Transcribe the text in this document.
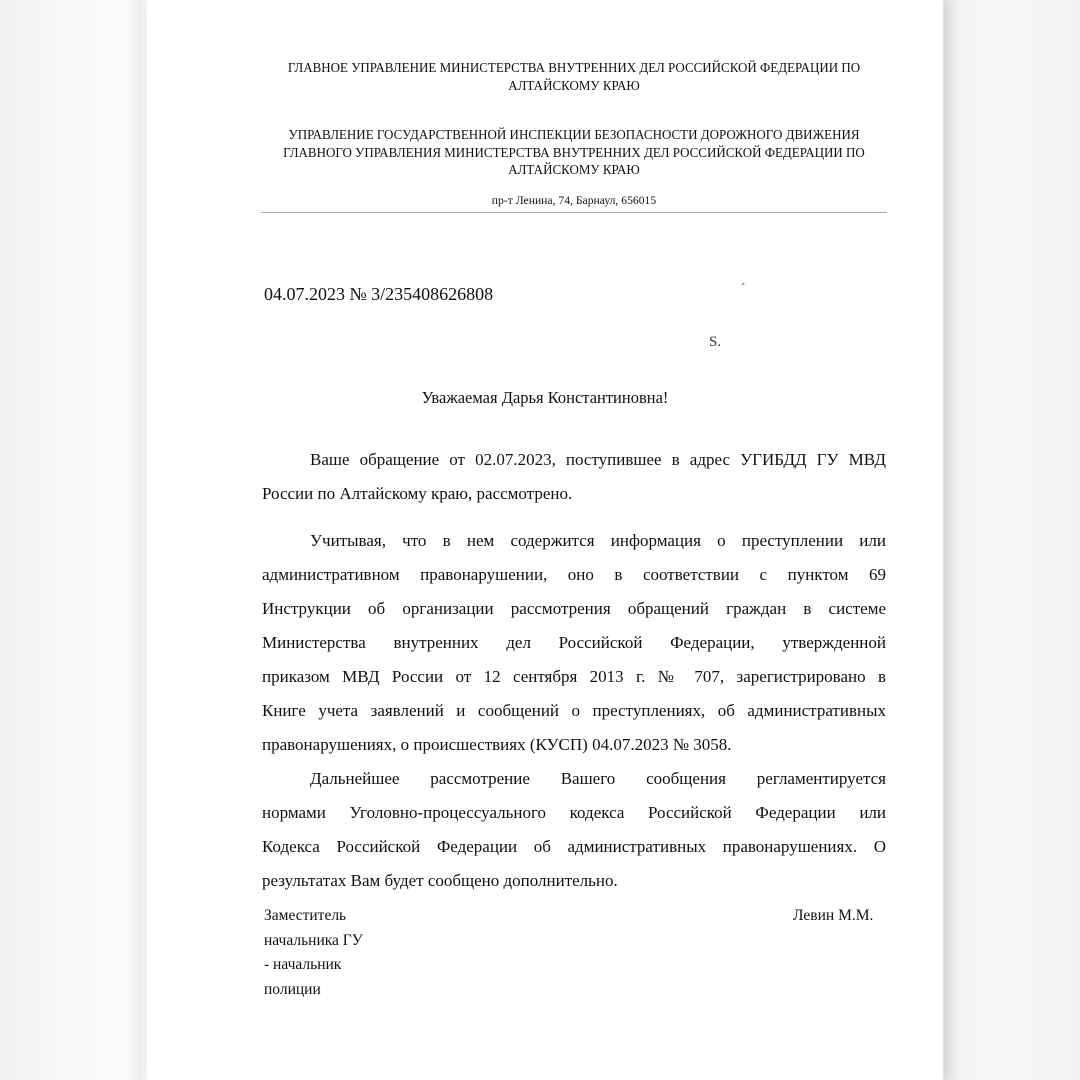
ГЛАВНОЕ УПРАВЛЕНИЕ МИНИСТЕРСТВА ВНУТРЕННИХ ДЕЛ РОССИЙСКОЙ ФЕДЕРАЦИИ ПО
АЛТАЙСКОМУ КРАЮ
УПРАВЛЕНИЕ ГОСУДАРСТВЕННОЙ ИНСПЕКЦИИ БЕЗОПАСНОСТИ ДОРОЖНОГО ДВИЖЕНИЯ
ГЛАВНОГО УПРАВЛЕНИЯ МИНИСТЕРСТВА ВНУТРЕННИХ ДЕЛ РОССИЙСКОЙ ФЕДЕРАЦИИ ПО
АЛТАЙСКОМУ КРАЮ
пр-т Ленина, 74, Барнаул, 656015
04.07.2023 № 3/235408626808	´
S.
Уважаемая Дарья Константиновна!
Ваше обращение от 02.07.2023, поступившее в адрес УГИБДД ГУ МВД
России по Алтайскому краю, рассмотрено.
Учитывая, что в нем содержится информация о преступлении или
административном правонарушении, оно в соответствии с пунктом 69
Инструкции об организации рассмотрения обращений граждан в системе
Министерства внутренних дел Российской Федерации, утвержденной
приказом МВД России от 12 сентября 2013 г. № 707, зарегистрировано в
Книге учета заявлений и сообщений о преступлениях, об административных
правонарушениях, о происшествиях (КУСП) 04.07.2023 № 3058.
Дальнейшее рассмотрение Вашего сообщения регламентируется
нормами Уголовно-процессуального кодекса Российской Федерации или
Кодекса Российской Федерации об административных правонарушениях. О
результатах Вам будет сообщено дополнительно.
Заместитель
начальника ГУ
- начальник
полиции
Левин М.М.
